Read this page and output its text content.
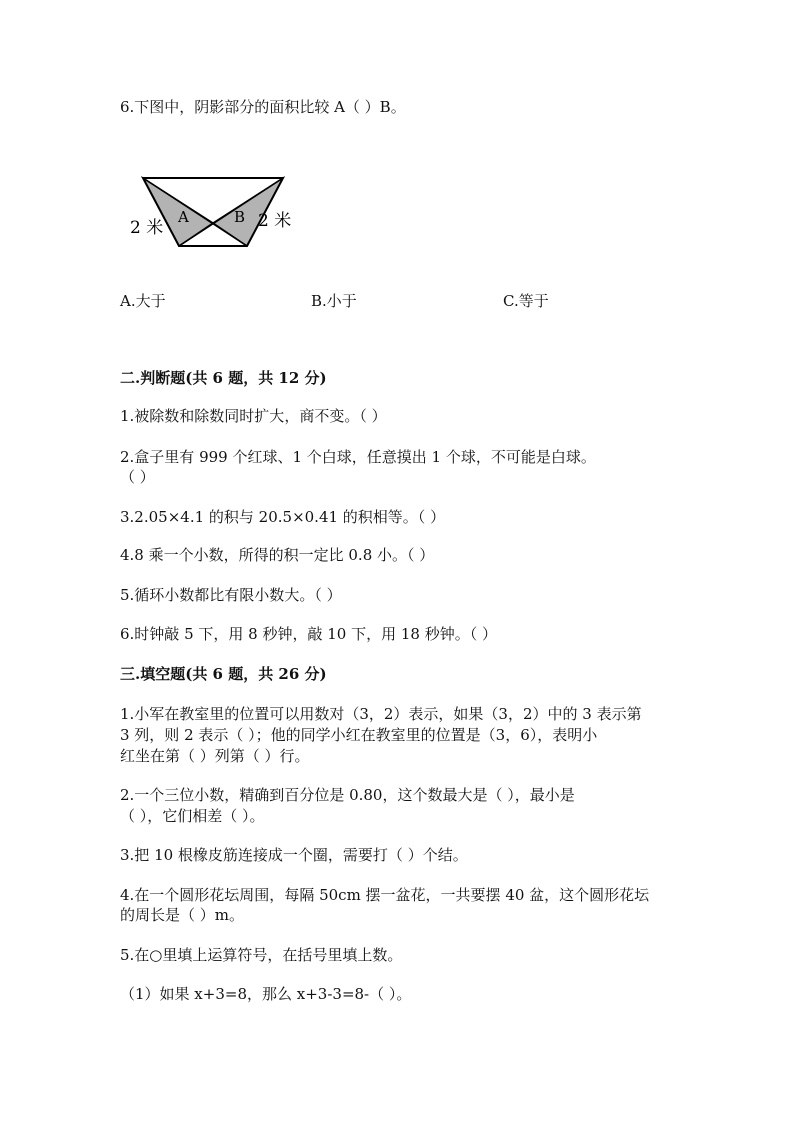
6.下图中，阴影部分的面积比较 A（ ）B。
A	B
2 米	2 米
A.大于	B.小于	C.等于
二.判断题(共 6 题，共 12 分)
1.被除数和除数同时扩大，商不变。（ ）
2.盒子里有 999 个红球、1 个白球，任意摸出 1 个球，不可能是白球。
（ ）
3.2.05×4.1 的积与 20.5×0.41 的积相等。（ ）
4.8 乘一个小数，所得的积一定比 0.8 小。（ ）
5.循环小数都比有限小数大。（ ）
6.时钟敲 5 下，用 8 秒钟，敲 10 下，用 18 秒钟。（ ）
三.填空题(共 6 题，共 26 分)
1.小军在教室里的位置可以用数对（3，2）表示，如果（3，2）中的 3 表示第
3 列，则 2 表示（ ）；他的同学小红在教室里的位置是（3，6），表明小
红坐在第（ ）列第（ ）行。
2.一个三位小数，精确到百分位是 0.80，这个数最大是（ ），最小是
（ ），它们相差（ ）。
3.把 10 根橡皮筋连接成一个圈，需要打（ ）个结。
4.在一个圆形花坛周围，每隔 50cm 摆一盆花，一共要摆 40 盆，这个圆形花坛
的周长是（ ）m。
5.在○里填上运算符号，在括号里填上数。
（1）如果 x+3=8，那么 x+3-3=8-（ ）。
